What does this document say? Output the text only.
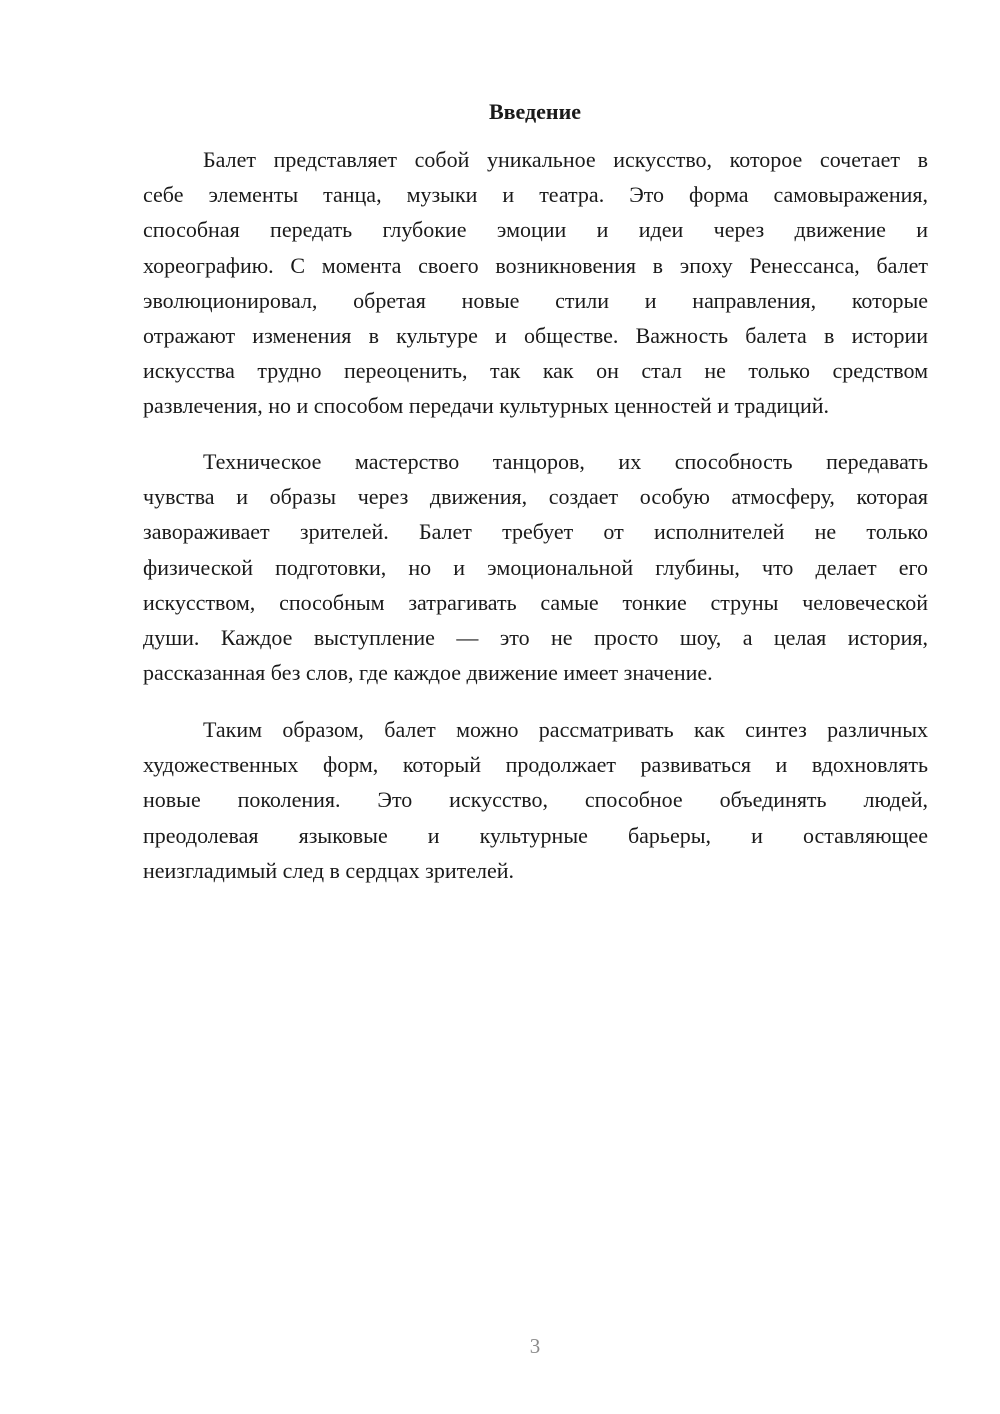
Введение
Балет представляет собой уникальное искусство, которое сочетает в
себе элементы танца, музыки и театра. Это форма самовыражения,
способная передать глубокие эмоции и идеи через движение и
хореографию. С момента своего возникновения в эпоху Ренессанса, балет
эволюционировал, обретая новые стили и направления, которые
отражают изменения в культуре и обществе. Важность балета в истории
искусства трудно переоценить, так как он стал не только средством
развлечения, но и способом передачи культурных ценностей и традиций.
Техническое мастерство танцоров, их способность передавать
чувства и образы через движения, создает особую атмосферу, которая
завораживает зрителей. Балет требует от исполнителей не только
физической подготовки, но и эмоциональной глубины, что делает его
искусством, способным затрагивать самые тонкие струны человеческой
души. Каждое выступление — это не просто шоу, а целая история,
рассказанная без слов, где каждое движение имеет значение.
Таким образом, балет можно рассматривать как синтез различных
художественных форм, который продолжает развиваться и вдохновлять
новые поколения. Это искусство, способное объединять людей,
преодолевая языковые и культурные барьеры, и оставляющее
неизгладимый след в сердцах зрителей.
3
